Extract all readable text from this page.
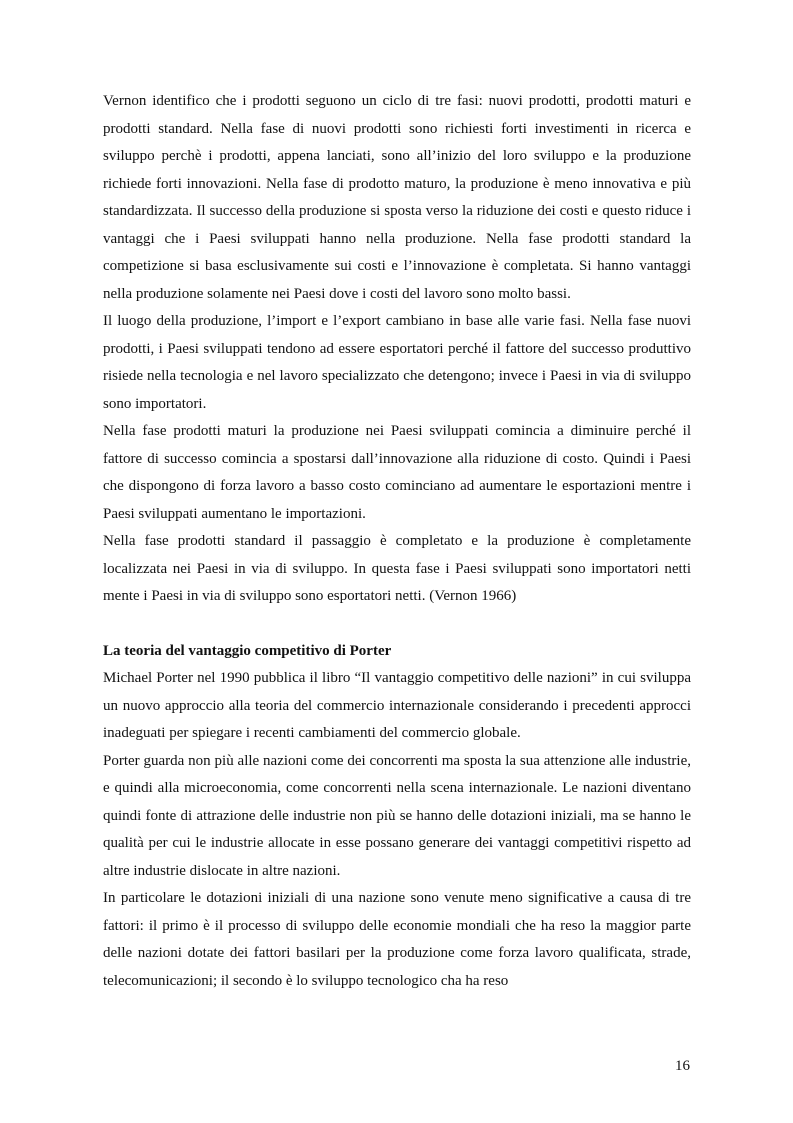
Vernon identifico che i prodotti seguono un ciclo di tre fasi: nuovi prodotti, prodotti maturi e prodotti standard. Nella fase di nuovi prodotti sono richiesti forti investimenti in ricerca e sviluppo perchè i prodotti, appena lanciati, sono all’inizio del loro sviluppo e la produzione richiede forti innovazioni. Nella fase di prodotto maturo, la produzione è meno innovativa e più standardizzata. Il successo della produzione si sposta verso la riduzione dei costi e questo riduce i vantaggi che i Paesi sviluppati hanno nella produzione. Nella fase prodotti standard la competizione si basa esclusivamente sui costi e l’innovazione è completata. Si hanno vantaggi nella produzione solamente nei Paesi dove i costi del lavoro sono molto bassi.

Il luogo della produzione, l’import e l’export cambiano in base alle varie fasi. Nella fase nuovi prodotti, i Paesi sviluppati tendono ad essere esportatori perché il fattore del successo produttivo risiede nella tecnologia e nel lavoro specializzato che detengono; invece i Paesi in via di sviluppo sono importatori.

Nella fase prodotti maturi la produzione nei Paesi sviluppati comincia a diminuire perché il fattore di successo comincia a spostarsi dall’innovazione alla riduzione di costo. Quindi i Paesi che dispongono di forza lavoro a basso costo cominciano ad aumentare le esportazioni mentre i Paesi sviluppati aumentano le importazioni.

Nella fase prodotti standard il passaggio è completato e la produzione è completamente localizzata nei Paesi in via di sviluppo. In questa fase i Paesi sviluppati sono importatori netti mente i Paesi in via di sviluppo sono esportatori netti. (Vernon 1966)

La teoria del vantaggio competitivo di Porter

Michael Porter nel 1990 pubblica il libro “Il vantaggio competitivo delle nazioni” in cui sviluppa un nuovo approccio alla teoria del commercio internazionale considerando i precedenti approcci inadeguati per spiegare i recenti cambiamenti del commercio globale.

Porter guarda non più alle nazioni come dei concorrenti ma sposta la sua attenzione alle industrie, e quindi alla microeconomia, come concorrenti nella scena internazionale. Le nazioni diventano quindi fonte di attrazione delle industrie non più se hanno delle dotazioni iniziali, ma se hanno le qualità per cui le industrie allocate in esse possano generare dei vantaggi competitivi rispetto ad altre industrie dislocate in altre nazioni.

In particolare le dotazioni iniziali di una nazione sono venute meno significative a causa di tre fattori: il primo è il processo di sviluppo delle economie mondiali che ha reso la maggior parte delle nazioni dotate dei fattori basilari per la produzione come forza lavoro qualificata, strade, telecomunicazioni; il secondo è lo sviluppo tecnologico cha ha reso

16
